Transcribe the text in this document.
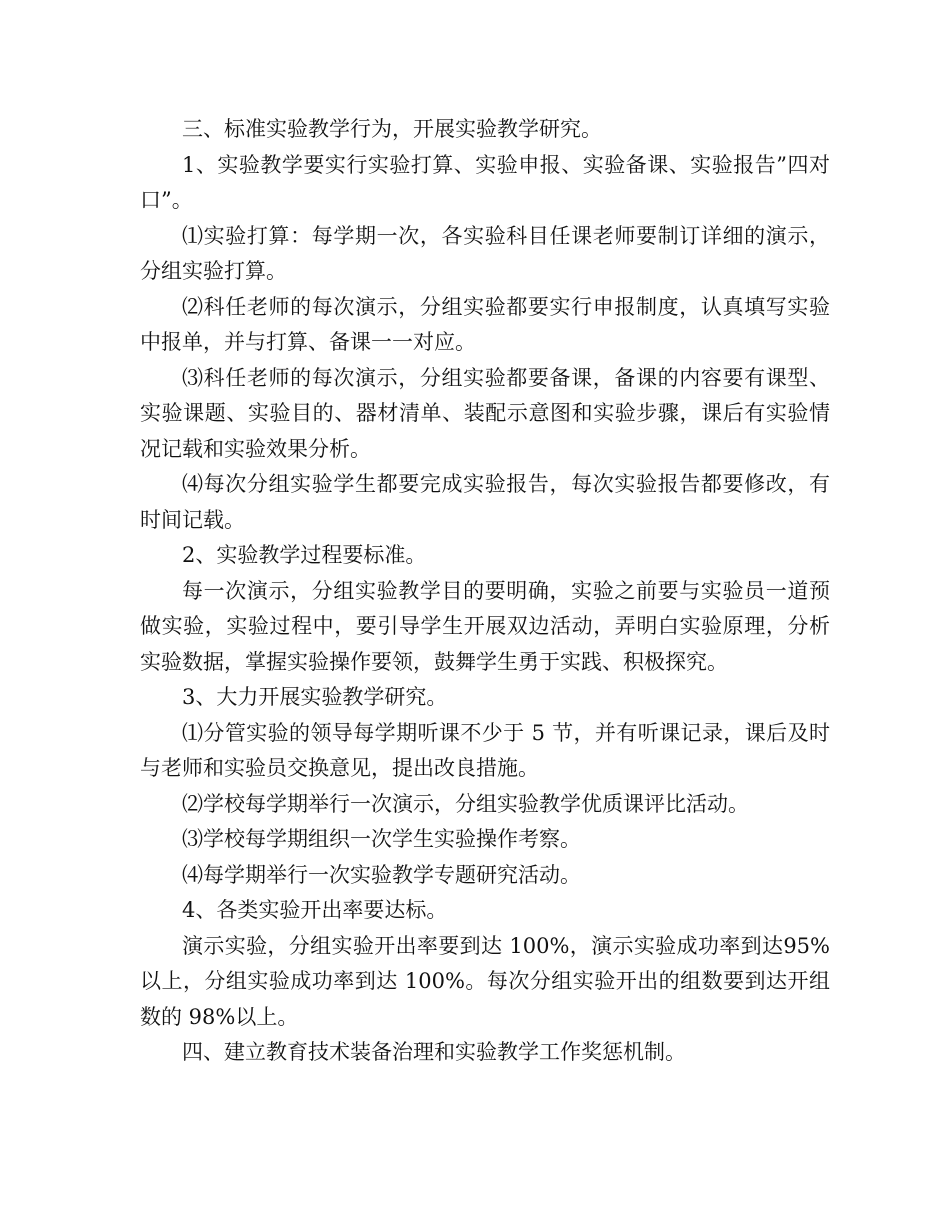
三、标准实验教学行为，开展实验教学研究。

1、实验教学要实行实验打算、实验申报、实验备课、实验报告”四对口”。

⑴实验打算：每学期一次，各实验科目任课老师要制订详细的演示，分组实验打算。

⑵科任老师的每次演示，分组实验都要实行申报制度，认真填写实验中报单，并与打算、备课一一对应。

⑶科任老师的每次演示，分组实验都要备课，备课的内容要有课型、实验课题、实验目的、器材清单、装配示意图和实验步骤，课后有实验情况记载和实验效果分析。

⑷每次分组实验学生都要完成实验报告，每次实验报告都要修改，有时间记载。

2、实验教学过程要标准。

每一次演示，分组实验教学目的要明确，实验之前要与实验员一道预做实验，实验过程中，要引导学生开展双边活动，弄明白实验原理，分析实验数据，掌握实验操作要领，鼓舞学生勇于实践、积极探究。

3、大力开展实验教学研究。

⑴分管实验的领导每学期听课不少于 5 节，并有听课记录，课后及时与老师和实验员交换意见，提出改良措施。

⑵学校每学期举行一次演示，分组实验教学优质课评比活动。

⑶学校每学期组织一次学生实验操作考察。

⑷每学期举行一次实验教学专题研究活动。

4、各类实验开出率要达标。

演示实验，分组实验开出率要到达 100%，演示实验成功率到达95%以上，分组实验成功率到达 100%。每次分组实验开出的组数要到达开组数的 98%以上。

四、建立教育技术装备治理和实验教学工作奖惩机制。
